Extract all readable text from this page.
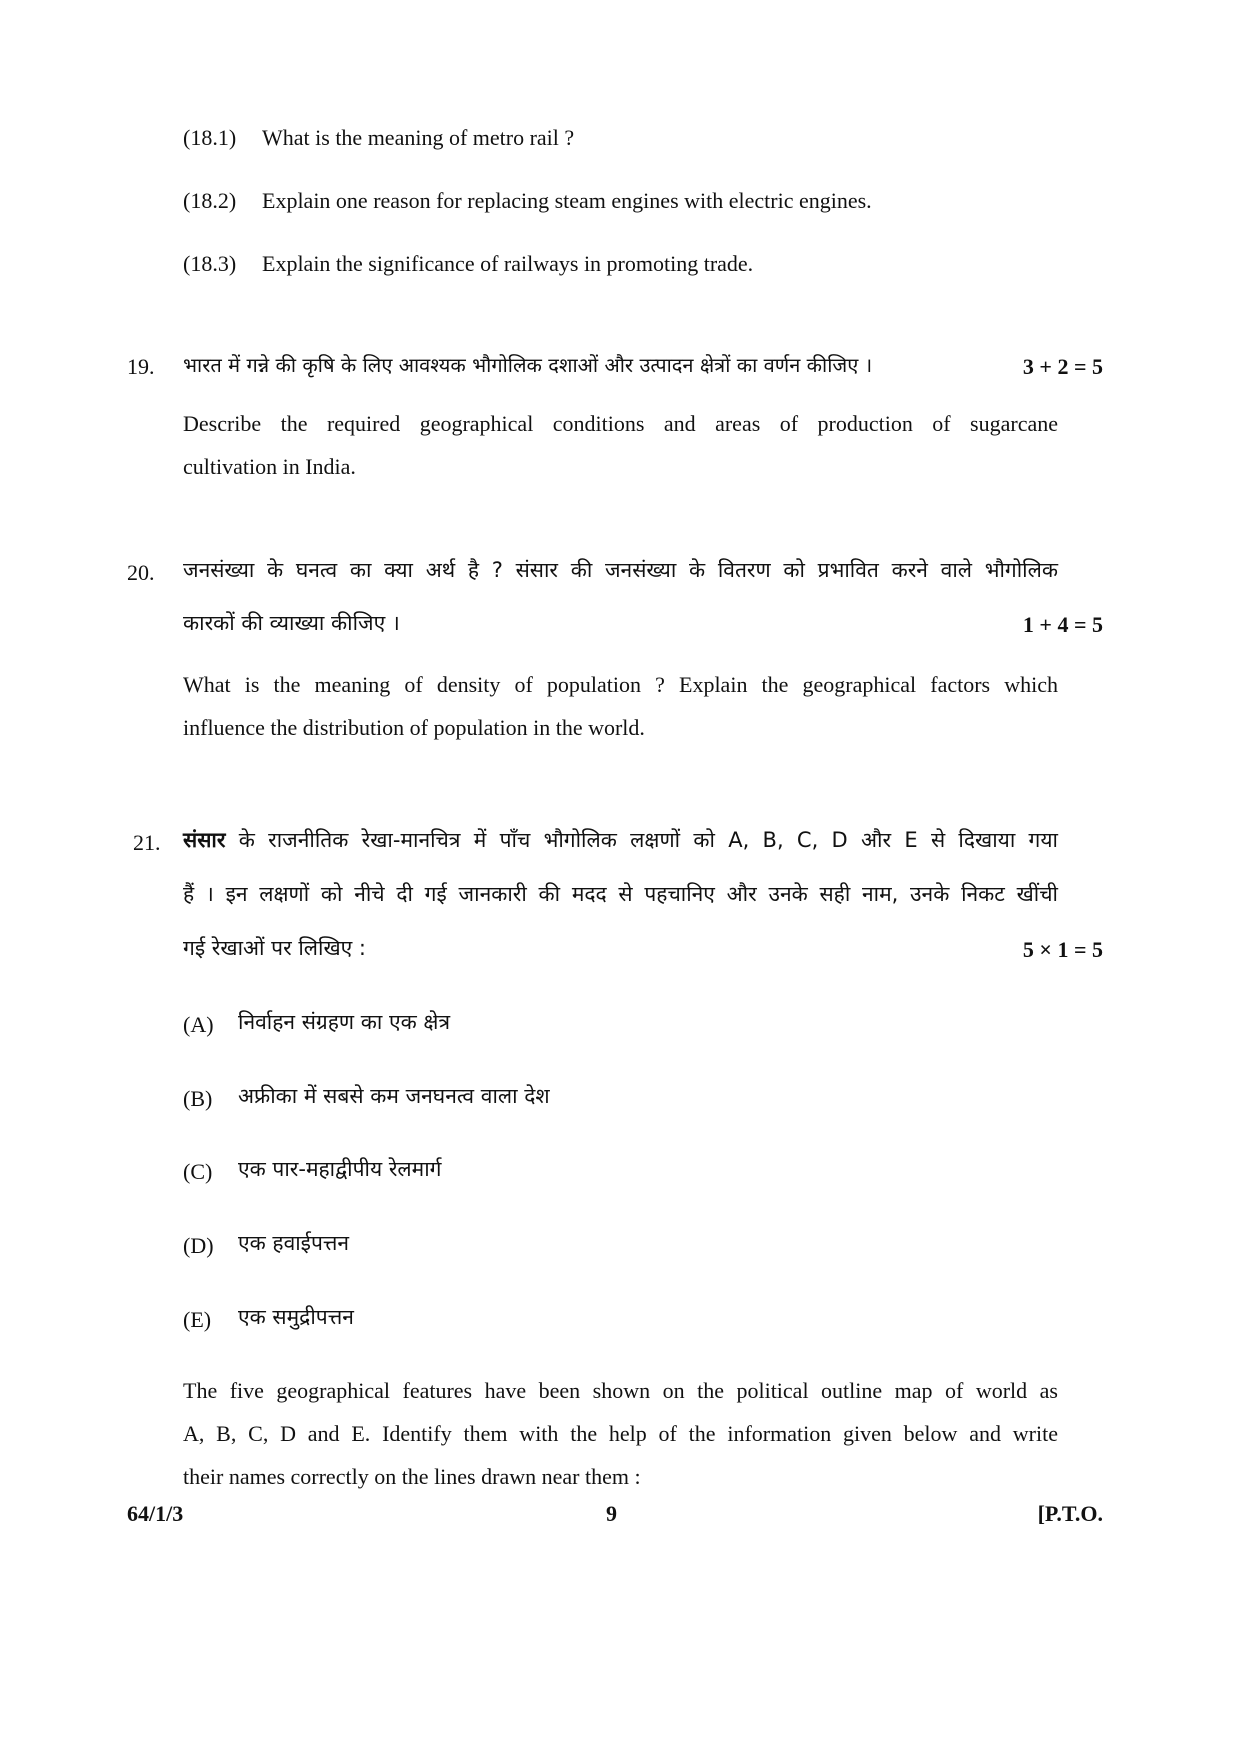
(18.1) What is the meaning of metro rail ?
(18.2) Explain one reason for replacing steam engines with electric engines.
(18.3) Explain the significance of railways in promoting trade.
19. भारत में गन्ने की कृषि के लिए आवश्यक भौगोलिक दशाओं और उत्पादन क्षेत्रों का वर्णन कीजिए ।	3 + 2 = 5
Describe the required geographical conditions and areas of production of sugarcane
cultivation in India.
20. जनसंख्या के घनत्व का क्या अर्थ है ? संसार की जनसंख्या के वितरण को प्रभावित करने वाले भौगोलिक
कारकों की व्याख्या कीजिए ।	1 + 4 = 5
What is the meaning of density of population ? Explain the geographical factors which
influence the distribution of population in the world.
21. संसार के राजनीतिक रेखा-मानचित्र में पाँच भौगोलिक लक्षणों को A, B, C, D और E से दिखाया गया
हैं । इन लक्षणों को नीचे दी गई जानकारी की मदद से पहचानिए और उनके सही नाम, उनके निकट खींची
गई रेखाओं पर लिखिए :	5 × 1 = 5
(A) निर्वाहन संग्रहण का एक क्षेत्र
(B) अफ्रीका में सबसे कम जनघनत्व वाला देश
(C) एक पार-महाद्वीपीय रेलमार्ग
(D) एक हवाईपत्तन
(E) एक समुद्रीपत्तन
The five geographical features have been shown on the political outline map of world as
A, B, C, D and E. Identify them with the help of the information given below and write
their names correctly on the lines drawn near them :
64/1/3	9	[P.T.O.
